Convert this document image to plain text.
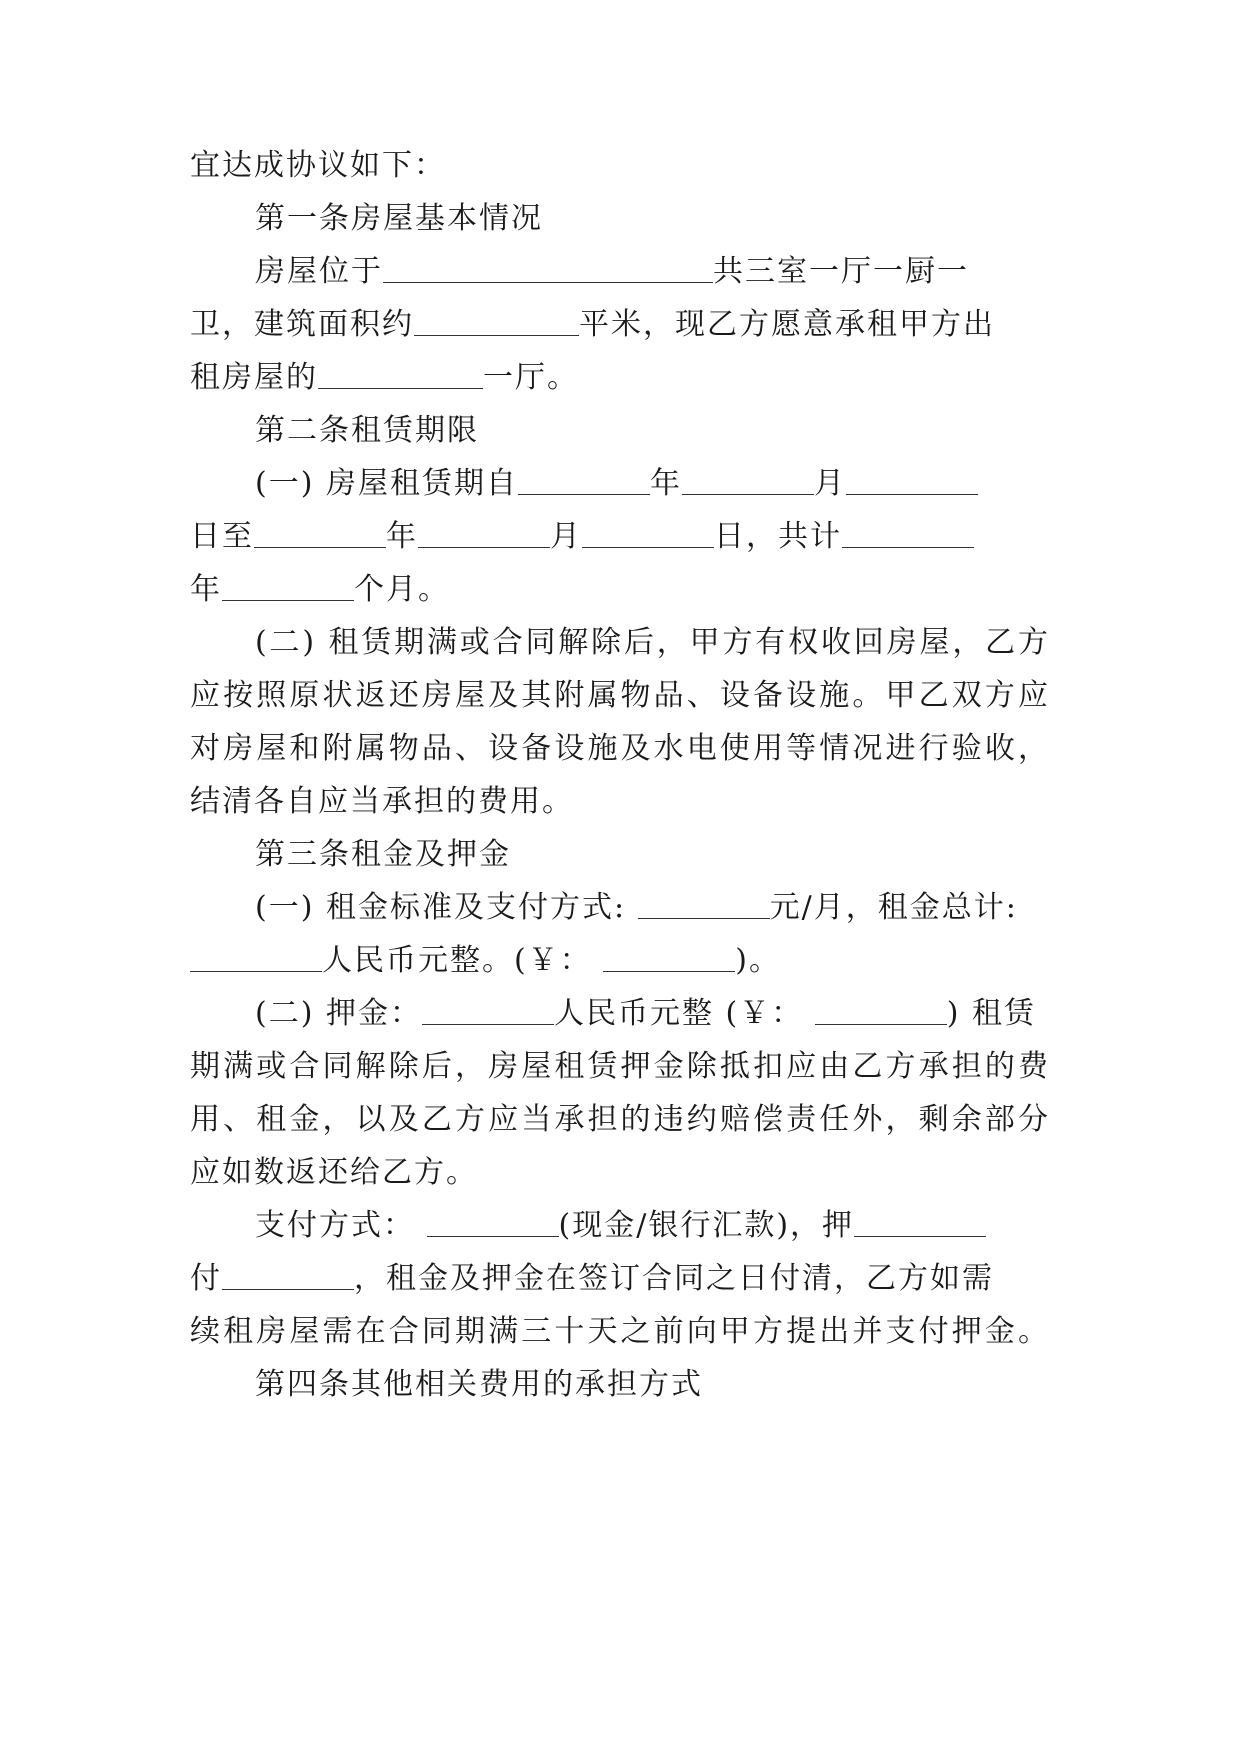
宜达成协议如下：
第一条房屋基本情况
房屋位于	共三室一厅一厨一
卫，建筑面积约	平米，现乙方愿意承租甲方出
租房屋的	一厅。
第二条租赁期限
(一) 房屋租赁期自	年	月
日至	年	月	日，共计
年	个月。
(二) 租赁期满或合同解除后，甲方有权收回房屋，乙方
应按照原状返还房屋及其附属物品、设备设施。甲乙双方应
对房屋和附属物品、设备设施及水电使用等情况进行验收，
结清各自应当承担的费用。
第三条租金及押金
(一) 租金标准及支付方式:	元/月，租金总计:
人民币元整。(￥：	)。
(二) 押金：	人民币元整 (￥：	) 租赁
期满或合同解除后，房屋租赁押金除抵扣应由乙方承担的费
用、租金，以及乙方应当承担的违约赔偿责任外，剩余部分
应如数返还给乙方。
支付方式：	(现金/银行汇款)，押
付	，租金及押金在签订合同之日付清，乙方如需
续租房屋需在合同期满三十天之前向甲方提出并支付押金。
第四条其他相关费用的承担方式
